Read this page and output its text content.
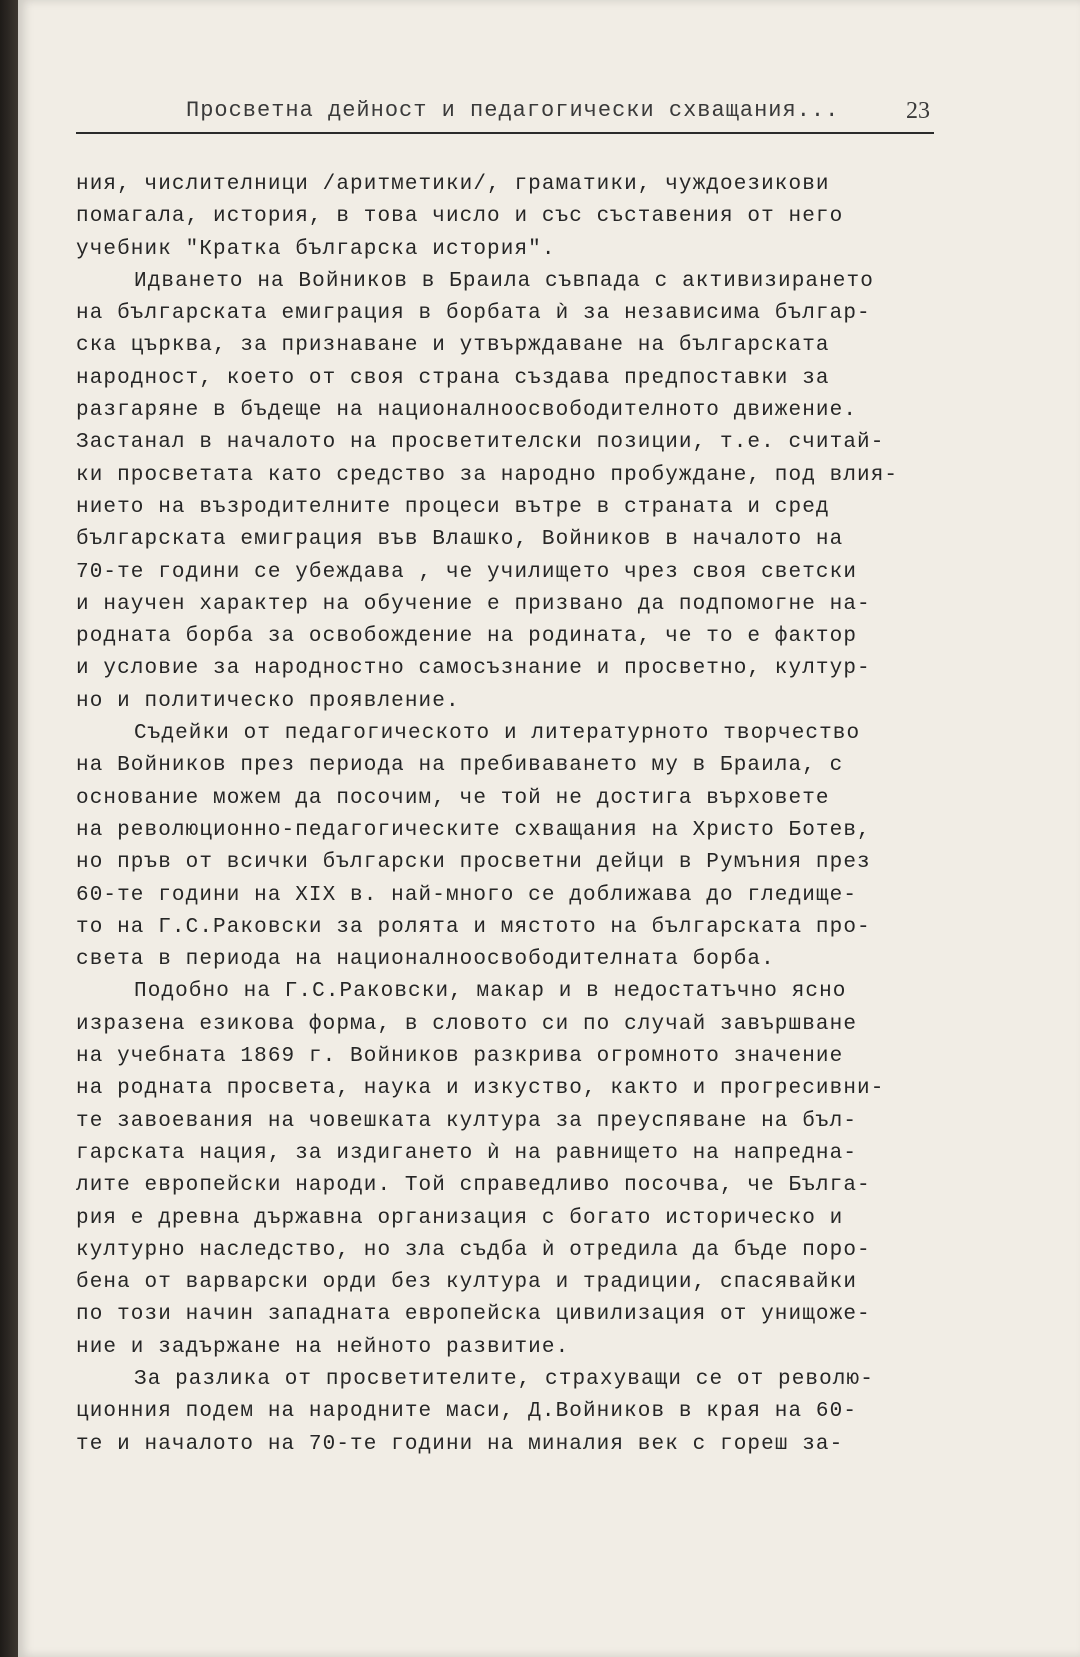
Просветна дейност и педагогически схващания...	23
ния, числителници /аритметики/, граматики, чуждоезикови
помагала, история, в това число и със съставения от него
учебник "Кратка българска история".
Идването на Войников в Браила съвпада с активизирането
на българската емиграция в борбата ѝ за независима българ-
ска църква, за признаване и утвърждаване на българската
народност, което от своя страна създава предпоставки за
разгаряне в бъдеще на националноосвободителното движение.
Застанал в началото на просветителски позиции, т.е. считай-
ки просветата като средство за народно пробуждане, под влия-
нието на възродителните процеси вътре в страната и сред
българската емиграция във Влашко, Войников в началото на
70-те години се убеждава , че училището чрез своя светски
и научен характер на обучение е призвано да подпомогне на-
родната борба за освобождение на родината, че то е фактор
и условие за народностно самосъзнание и просветно, култур-
но и политическо проявление.
Съдейки от педагогическото и литературното творчество
на Войников през периода на пребиваването му в Браила, с
основание можем да посочим, че той не достига върховете
на революционно-педагогическите схващания на Христо Ботев,
но пръв от всички български просветни дейци в Румъния през
60-те години на XIX в. най-много се доближава до гледище-
то на Г.С.Раковски за ролята и мястото на българската про-
света в периода на националноосвободителната борба.
Подобно на Г.С.Раковски, макар и в недостатъчно ясно
изразена езикова форма, в словото си по случай завършване
на учебната 1869 г. Войников разкрива огромното значение
на родната просвета, наука и изкуство, както и прогресивни-
те завоевания на човешката култура за преуспяване на бъл-
гарската нация, за издигането ѝ на равнището на напредна-
лите европейски народи. Той справедливо посочва, че Бълга-
рия е древна държавна организация с богато историческо и
културно наследство, но зла съдба ѝ отредила да бъде поро-
бена от варварски орди без култура и традиции, спасявайки
по този начин западната европейска цивилизация от унищоже-
ние и задържане на нейното развитие.
За разлика от просветителите, страхуващи се от револю-
ционния подем на народните маси, Д.Войников в края на 60-
те и началото на 70-те години на миналия век с гореш за-
